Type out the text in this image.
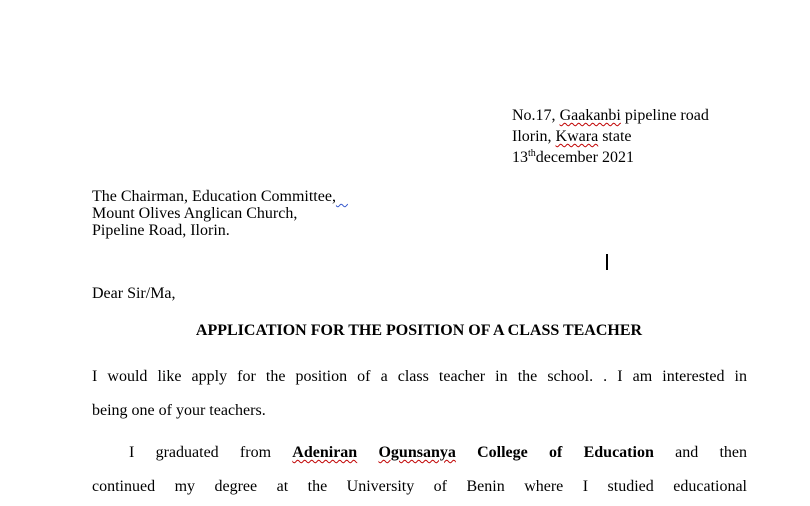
No.17, Gaakanbi pipeline road
Ilorin, Kwara state
13thdecember 2021
The Chairman, Education Committee,
Mount Olives Anglican Church,
Pipeline Road, Ilorin.
Dear Sir/Ma,
APPLICATION FOR THE POSITION OF A CLASS TEACHER
I would like apply for the position of a class teacher in the school. . I am interested in
being one of your teachers.
I graduated from Adeniran Ogunsanya College of Education and then
continued my degree at the University of Benin where I studied educational
